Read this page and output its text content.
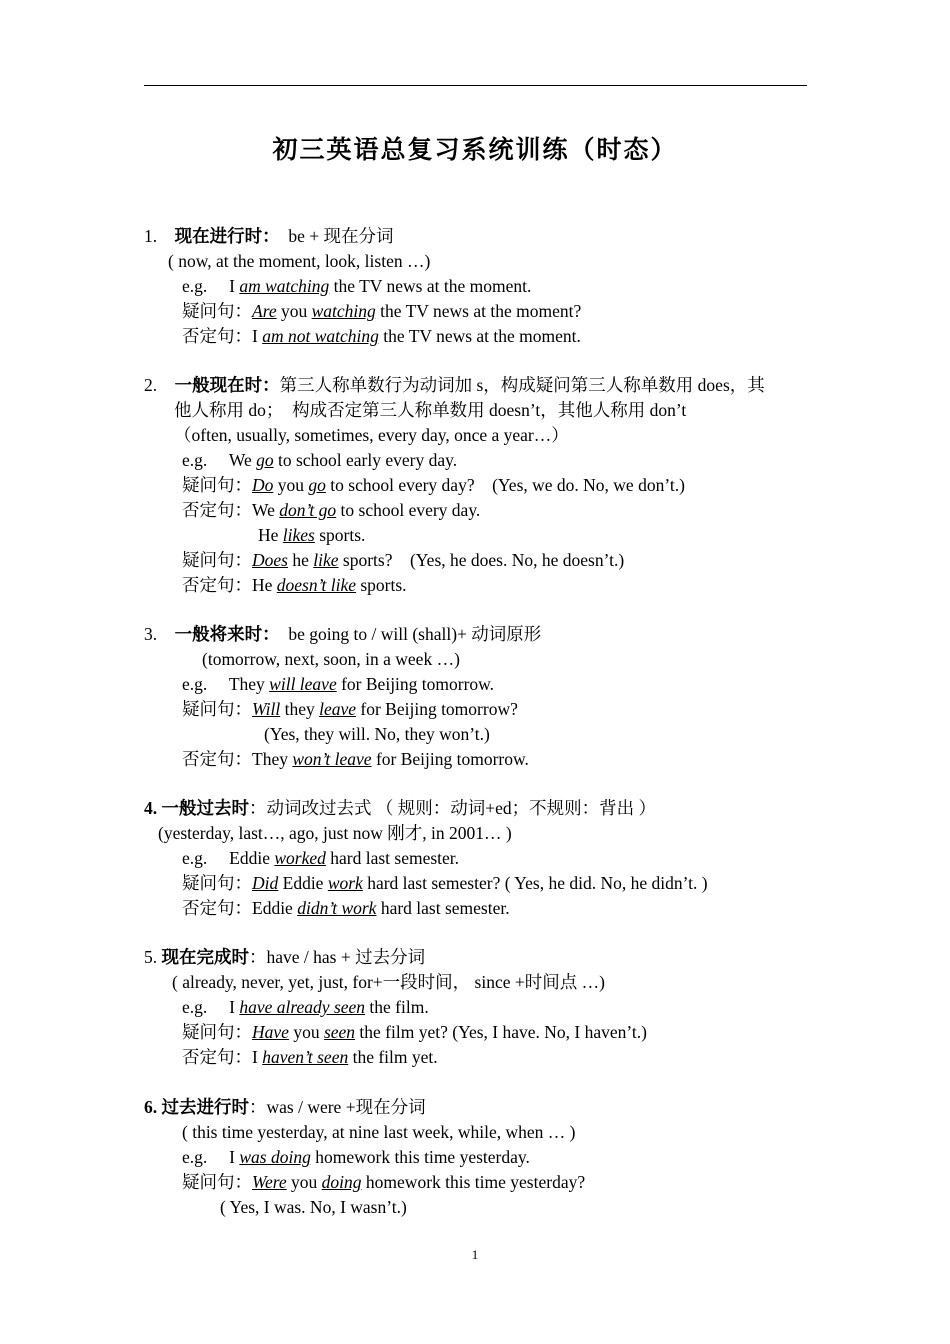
初三英语总复习系统训练（时态）
1.　现在进行时：　be + 现在分词
( now, at the moment, look, listen …)
e.g.　 I am watching the TV news at the moment.
疑问句：Are you watching the TV news at the moment?
否定句：I am not watching the TV news at the moment.
2.　一般现在时：第三人称单数行为动词加 s，构成疑问第三人称单数用 does，其
他人称用 do；　构成否定第三人称单数用 doesn’t，其他人称用 don’t
（often, usually, sometimes, every day, once a year…）
e.g.　 We go to school early every day.
疑问句：Do you go to school every day?　(Yes, we do. No, we don’t.)
否定句：We don’t go to school every day.
He likes sports.
疑问句：Does he like sports?　(Yes, he does. No, he doesn’t.)
否定句：He doesn’t like sports.
3.　一般将来时：　be going to / will (shall)+ 动词原形
(tomorrow, next, soon, in a week …)
e.g.　 They will leave for Beijing tomorrow.
疑问句：Will they leave for Beijing tomorrow?
(Yes, they will. No, they won’t.)
否定句：They won’t leave for Beijing tomorrow.
4. 一般过去时：动词改过去式 （ 规则：动词+ed；不规则：背出 ）
(yesterday, last…, ago, just now 刚才, in 2001… )
e.g.　 Eddie worked hard last semester.
疑问句：Did Eddie work hard last semester? ( Yes, he did. No, he didn’t. )
否定句：Eddie didn’t work hard last semester.
5. 现在完成时：have / has + 过去分词
( already, never, yet, just, for+一段时间， since +时间点 …)
e.g.　 I have already seen the film.
疑问句：Have you seen the film yet? (Yes, I have. No, I haven’t.)
否定句：I haven’t seen the film yet.
6. 过去进行时：was / were +现在分词
( this time yesterday, at nine last week, while, when … )
e.g.　 I was doing homework this time yesterday.
疑问句：Were you doing homework this time yesterday?
( Yes, I was. No, I wasn’t.)
1
